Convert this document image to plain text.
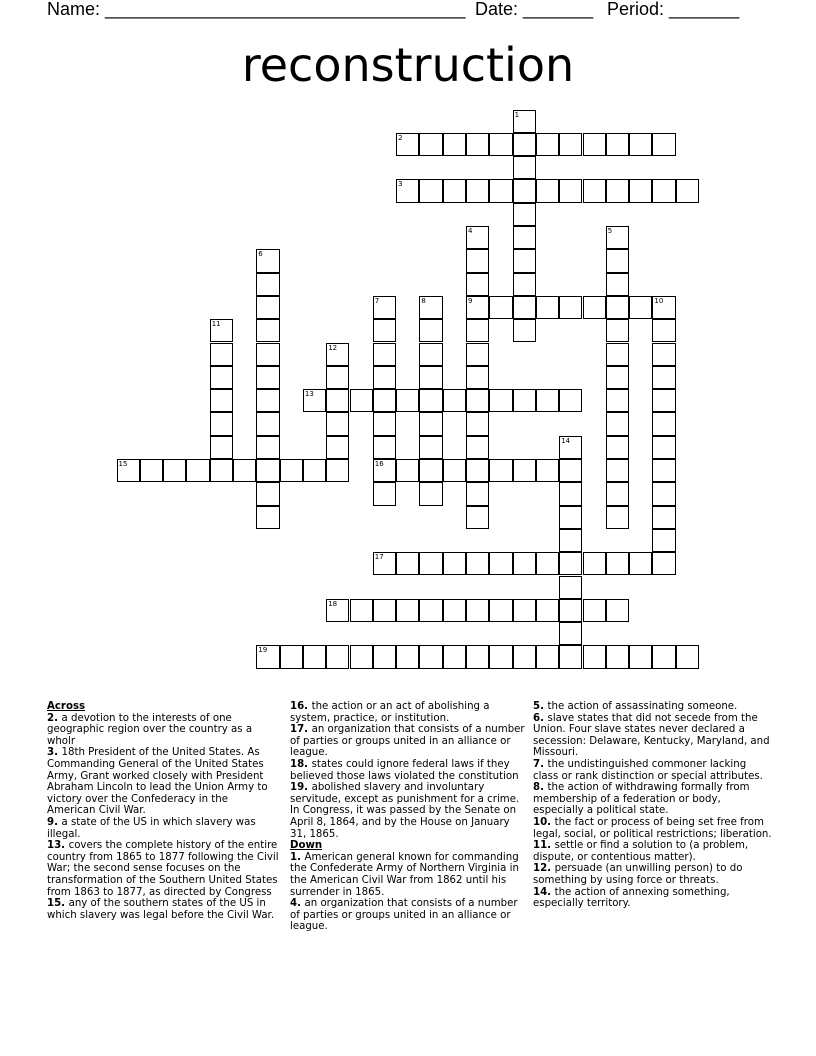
Name: ____________________________________ Date: _______ Period: _______
reconstruction
1
2
3
4	5
6
7	8	9	10
11
12
13
14
15	16
17
18
19
Across

2. a devotion to the interests of one geographic region over the country as a wholr

3. 18th President of the United States. As Commanding General of the United States Army, Grant worked closely with President Abraham Lincoln to lead the Union Army to victory over the Confederacy in the American Civil War.

9. a state of the US in which slavery was illegal.

13. covers the complete history of the entire country from 1865 to 1877 following the Civil War; the second sense focuses on the transformation of the Southern United States from 1863 to 1877, as directed by Congress

15. any of the southern states of the US in which slavery was legal before the Civil War.

16. the action or an act of abolishing a system, practice, or institution.

17. an organization that consists of a number of parties or groups united in an alliance or league.

18. states could ignore federal laws if they believed those laws violated the constitution

19. abolished slavery and involuntary servitude, except as punishment for a crime. In Congress, it was passed by the Senate on April 8, 1864, and by the House on January 31, 1865.

Down

1. American general known for commanding the Confederate Army of Northern Virginia in the American Civil War from 1862 until his surrender in 1865.

4. an organization that consists of a number of parties or groups united in an alliance or league.

5. the action of assassinating someone.

6. slave states that did not secede from the Union. Four slave states never declared a secession: Delaware, Kentucky, Maryland, and Missouri.

7. the undistinguished commoner lacking class or rank distinction or special attributes.

8. the action of withdrawing formally from membership of a federation or body, especially a political state.

10. the fact or process of being set free from legal, social, or political restrictions; liberation.

11. settle or find a solution to (a problem, dispute, or contentious matter).

12. persuade (an unwilling person) to do something by using force or threats.

14. the action of annexing something, especially territory.
